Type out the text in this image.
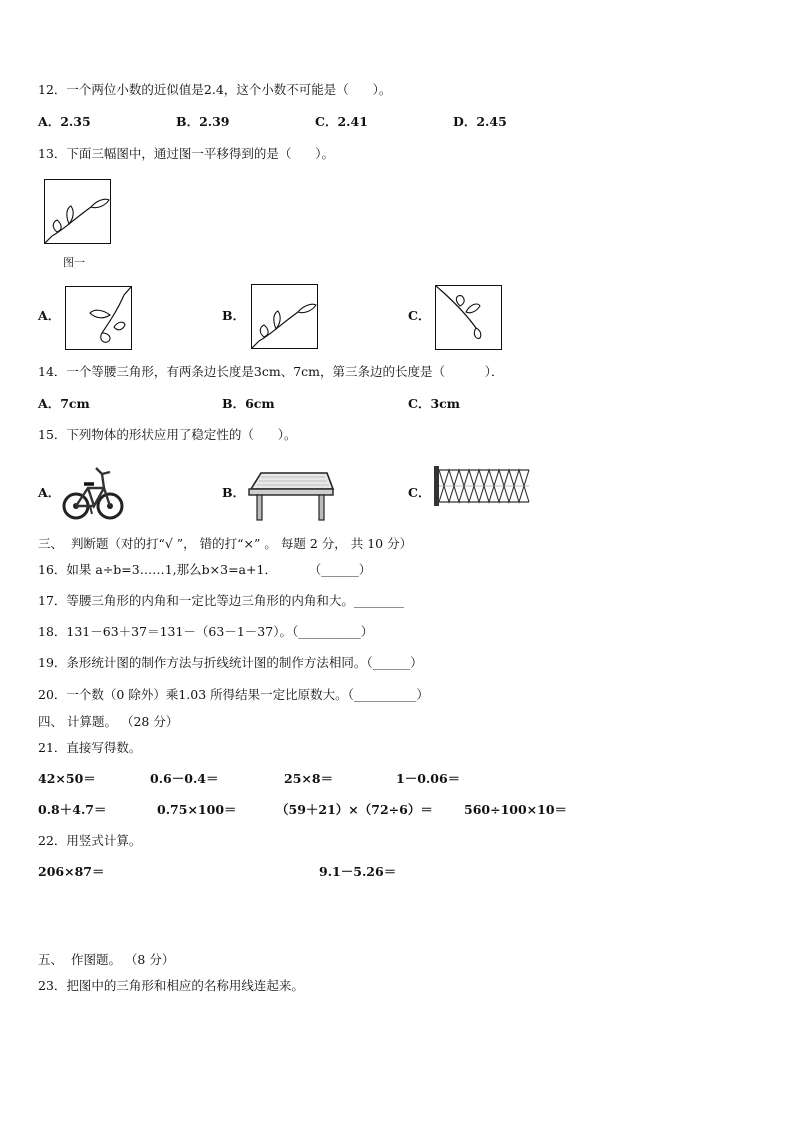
12．一个两位小数的近似值是2.4，这个小数不可能是（      ）。
A．2.35	B．2.39	C．2.41	D．2.45
13．下面三幅图中，通过图一平移得到的是（      ）。
图一
A．	B．	C．
14．一个等腰三角形，有两条边长度是3cm、7cm，第三条边的长度是（          ）．
A．7cm	B．6cm	C．3cm
15．下列物体的形状应用了稳定性的（      ）。
A．	B．	C．
三、  判断题（对的打“√ ”， 错的打“×” 。 每题 2 分， 共 10 分）
16．如果 a÷b=3……1,那么b×3=a+1．        （______）
17．等腰三角形的内角和一定比等边三角形的内角和大。________
18．131－63＋37＝131－（63－1－37）。（__________）
19．条形统计图的制作方法与折线统计图的制作方法相同。（______）
20．一个数（0 除外）乘1.03 所得结果一定比原数大。（__________）
四、 计算题。 （28 分）
21．直接写得数。
42×50＝	0.6－0.4＝	25×8＝	1－0.06＝
0.8＋4.7＝	0.75×100＝	（59＋21）×（72÷6）＝ 560÷100×10＝
22．用竖式计算。
206×87＝	9.1－5.26＝
五、  作图题。 （8 分）
23．把图中的三角形和相应的名称用线连起来。
